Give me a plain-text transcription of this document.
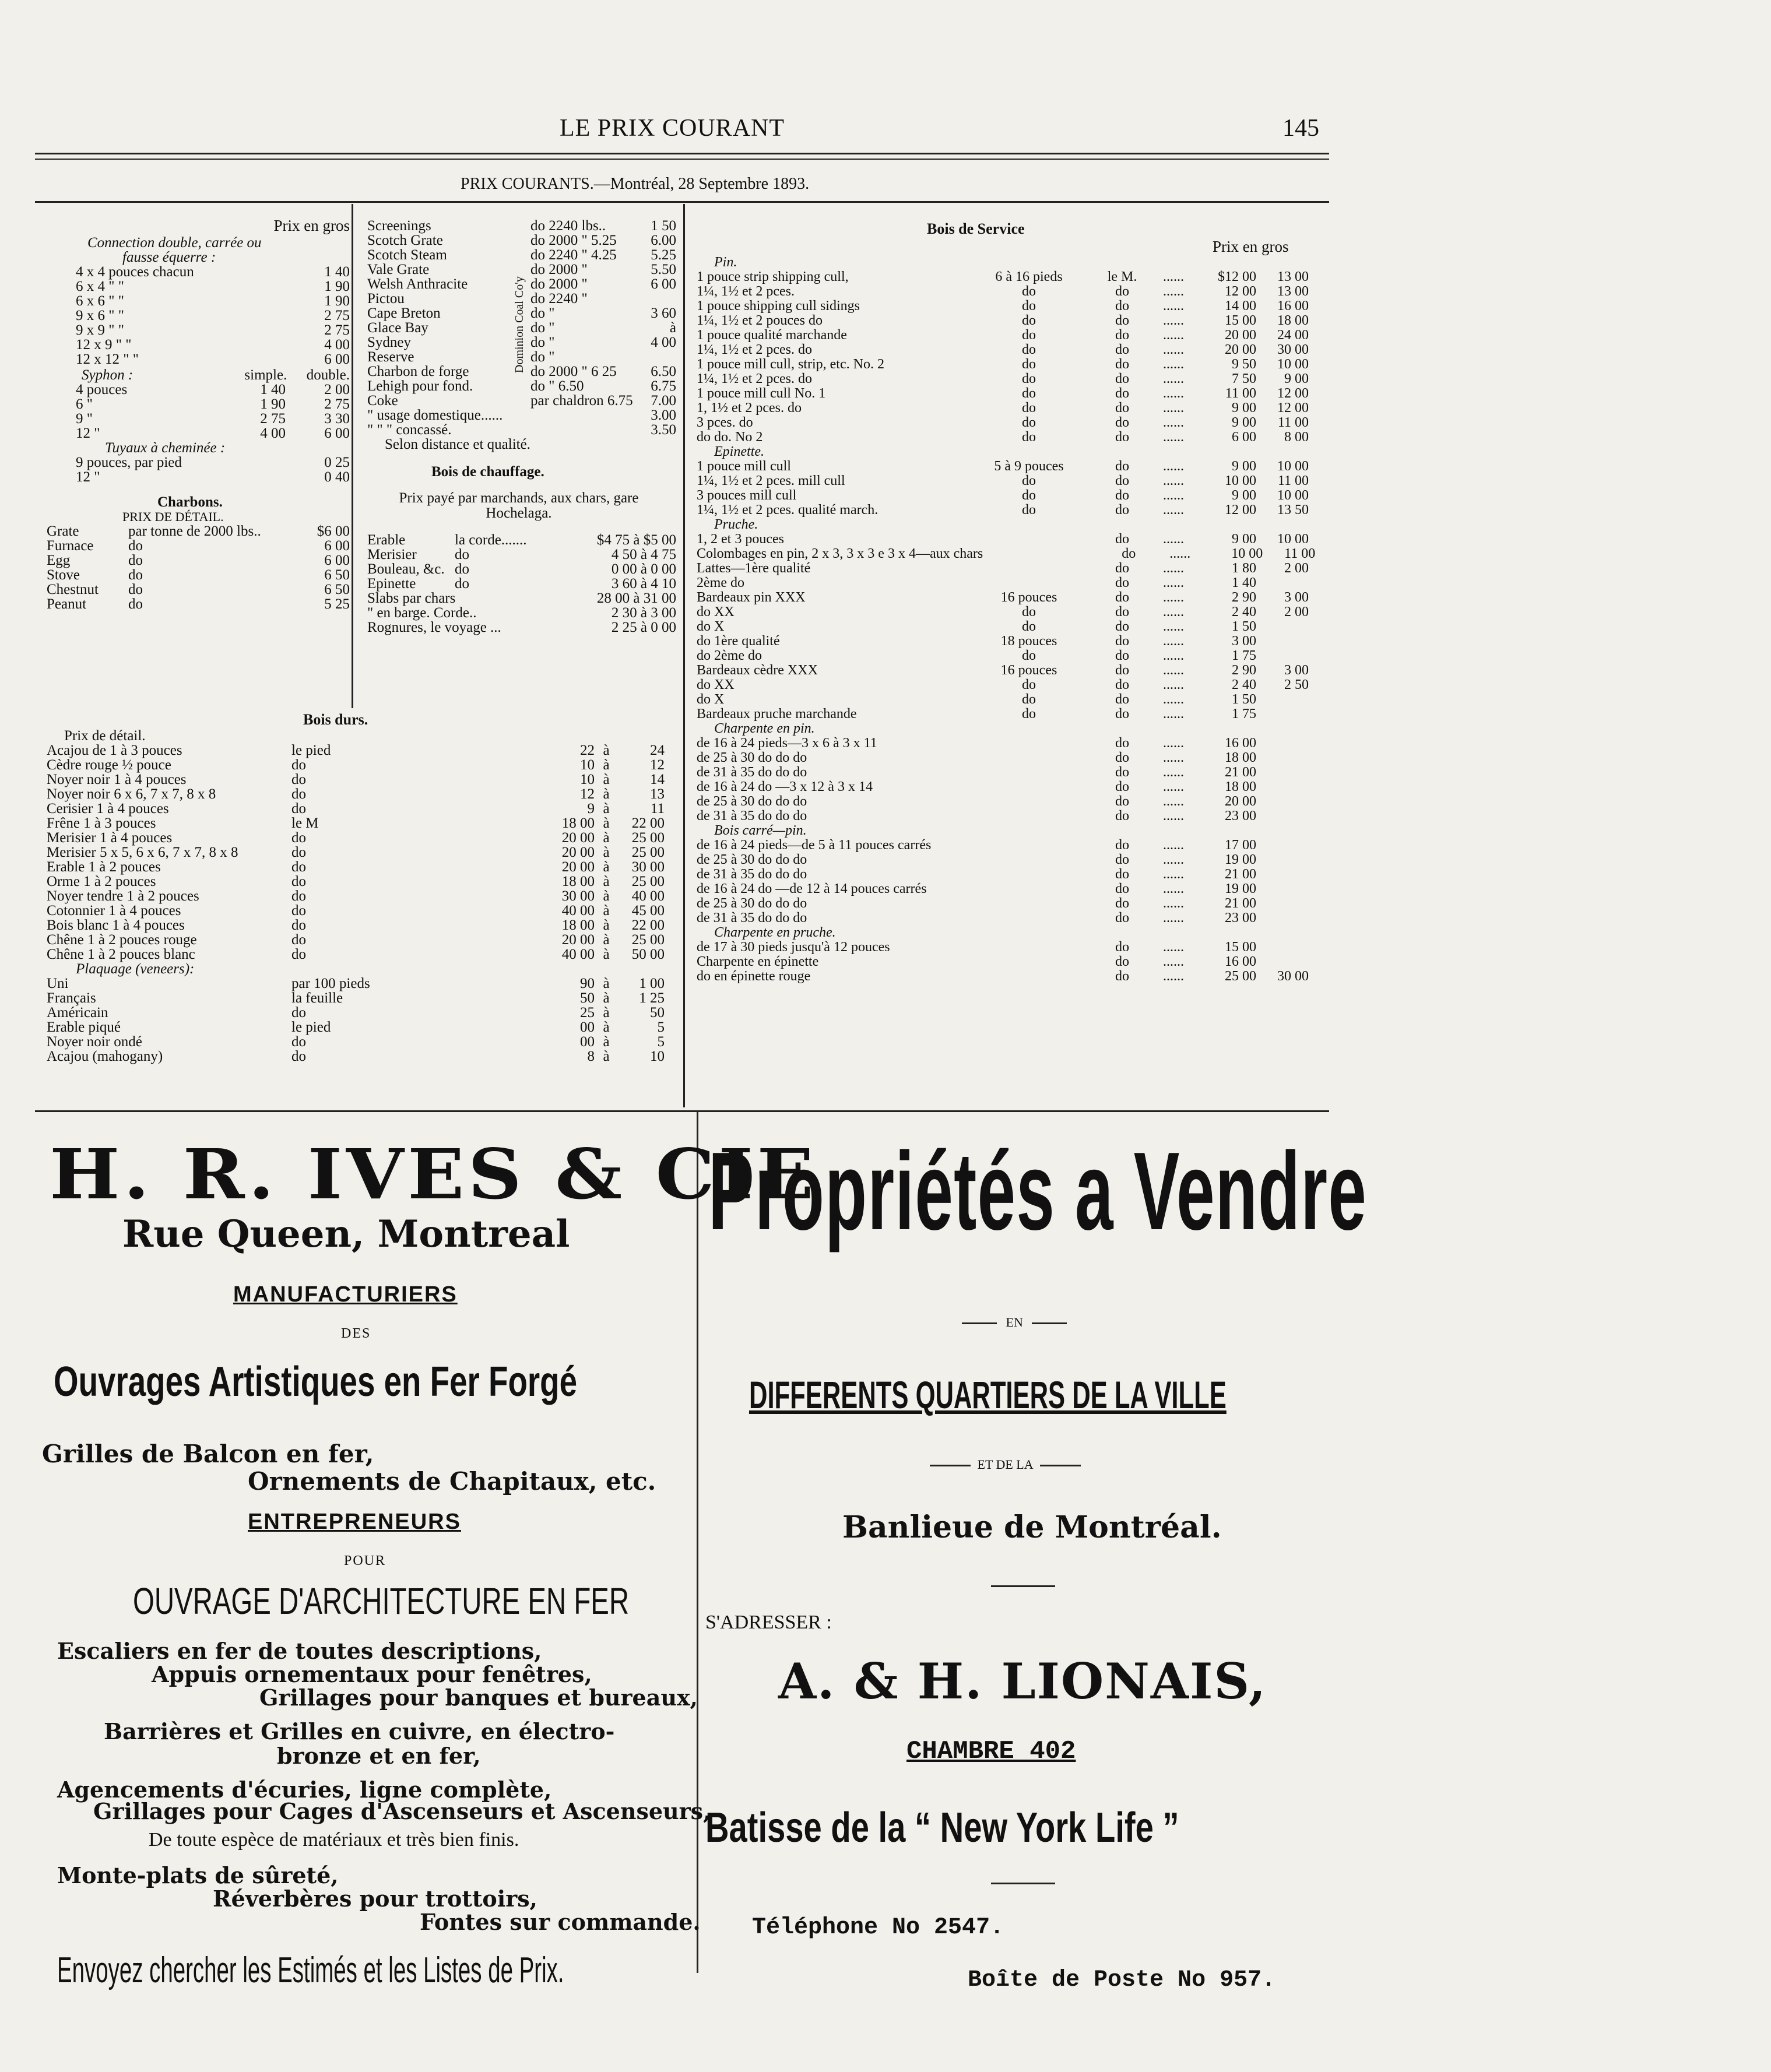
LE PRIX COURANT	145
PRIX COURANTS.—Montréal, 28 Septembre 1893.
Prix en gros
Connection double, carrée ou
fausse équerre :
4 x 4 pouces chacun	1 40
6 x 4 " "	1 90
6 x 6 " "	1 90
9 x 6 " "	2 75
9 x 9 " "	2 75
12 x 9 " "	4 00
12 x 12 " "	6 00
Syphon :	simple.	double.
4 pouces	1 40	2 00
6 "	1 90	2 75
9 "	2 75	3 30
12 "	4 00	6 00
Tuyaux à cheminée :
9 pouces, par pied	0 25
12 "	0 40
Charbons.
PRIX DE DÉTAIL.
Grate	par tonne de 2000 lbs..	$6 00
Furnace	do	6 00
Egg	do	6 00
Stove	do	6 50
Chestnut	do	6 50
Peanut	do	5 25
Screenings	do 2240 lbs..	1 50
Scotch Grate	do 2000 " 5.25	6.00
Scotch Steam	do 2240 " 4.25	5.25
Vale Grate	do 2000 "	5.50
Welsh Anthracite	do 2000 "	6 00
Pictou	do 2240 "
Cape Breton	do "	3 60
Glace Bay	do "	à
Sydney	do "	4 00
Reserve	do "
Charbon de forge	do 2000 " 6 25	6.50
Lehigh pour fond.	do " 6.50	6.75
Coke	par chaldron 6.75	7.00
" usage domestique......	3.00
" " " concassé.	3.50
Selon distance et qualité.
Bois de chauffage.
Prix payé par marchands, aux chars, gare Hochelaga.
Erable	la corde.......	$4 75 à $5 00
Merisier	do	4 50 à 4 75
Bouleau, &c. do	0 00 à 0 00
Epinette	do	3 60 à 4 10
Slabs par chars	28 00 à 31 00
" en barge. Corde..	2 30 à 3 00
Rognures, le voyage ...	2 25 à 0 00
Dominion Coal Co'y
Bois durs.
Prix de détail.
Acajou de 1 à 3 pouces	le pied	22 à	24
Cèdre rouge ½ pouce	do	10 à	12
Noyer noir 1 à 4 pouces	do	10 à	14
Noyer noir 6 x 6, 7 x 7, 8 x 8	do	12 à	13
Cerisier 1 à 4 pouces	do	9 à	11
Frêne 1 à 3 pouces	le M	18 00 à	22 00
Merisier 1 à 4 pouces	do	20 00 à	25 00
Merisier 5 x 5, 6 x 6, 7 x 7, 8 x 8	do	20 00 à	25 00
Erable 1 à 2 pouces	do	20 00 à	30 00
Orme 1 à 2 pouces	do	18 00 à	25 00
Noyer tendre 1 à 2 pouces	do	30 00 à	40 00
Cotonnier 1 à 4 pouces	do	40 00 à	45 00
Bois blanc 1 à 4 pouces	do	18 00 à	22 00
Chêne 1 à 2 pouces rouge	do	20 00 à	25 00
Chêne 1 à 2 pouces blanc	do	40 00 à	50 00
Plaquage (veneers):
Uni	par 100 pieds	90 à	1 00
Français	la feuille	50 à	1 25
Américain	do	25 à	50
Erable piqué	le pied	00 à	5
Noyer noir ondé	do	00 à	5
Acajou (mahogany)	do	8 à	10
Bois de Service
Prix en gros
Pin.
1 pouce strip shipping cull,	6 à 16 pieds	le M.	......	$12 00	13 00
1¼, 1½ et 2 pces.	do	do	......	12 00	13 00
1 pouce shipping cull sidings	do	do	......	14 00	16 00
1¼, 1½ et 2 pouces do	do	do	......	15 00	18 00
1 pouce qualité marchande	do	do	......	20 00	24 00
1¼, 1½ et 2 pces. do	do	do	......	20 00	30 00
1 pouce mill cull, strip, etc. No. 2	do	do	......	9 50	10 00
1¼, 1½ et 2 pces. do	do	do	......	7 50	9 00
1 pouce mill cull No. 1	do	do	......	11 00	12 00
1, 1½ et 2 pces. do	do	do	......	9 00	12 00
3 pces. do	do	do	......	9 00	11 00
do do. No 2	do	do	......	6 00	8 00
Epinette.
1 pouce mill cull	5 à 9 pouces	do	......	9 00	10 00
1¼, 1½ et 2 pces. mill cull	do	do	......	10 00	11 00
3 pouces mill cull	do	do	......	9 00	10 00
1¼, 1½ et 2 pces. qualité march.	do	do	......	12 00	13 50
Pruche.
1, 2 et 3 pouces	do	......	9 00	10 00
Colombages en pin, 2 x 3, 3 x 3 e 3 x 4—aux chars	do	......	10 00	11 00
Lattes—1ère qualité	do	......	1 80	2 00
2ème do	do	......	1 40
Bardeaux pin XXX	16 pouces	do	......	2 90	3 00
do XX	do	do	......	2 40	2 00
do X	do	do	......	1 50
do 1ère qualité	18 pouces	do	......	3 00
do 2ème do	do	do	......	1 75
Bardeaux cèdre XXX	16 pouces	do	......	2 90	3 00
do XX	do	do	......	2 40	2 50
do X	do	do	......	1 50
Bardeaux pruche marchande	do	do	......	1 75
Charpente en pin.
de 16 à 24 pieds—3 x 6 à 3 x 11	do	......	16 00
de 25 à 30 do do do	do	......	18 00
de 31 à 35 do do do	do	......	21 00
de 16 à 24 do —3 x 12 à 3 x 14	do	......	18 00
de 25 à 30 do do do	do	......	20 00
de 31 à 35 do do do	do	......	23 00
Bois carré—pin.
de 16 à 24 pieds—de 5 à 11 pouces carrés	do	......	17 00
de 25 à 30 do do do	do	......	19 00
de 31 à 35 do do do	do	......	21 00
de 16 à 24 do —de 12 à 14 pouces carrés	do	......	19 00
de 25 à 30 do do do	do	......	21 00
de 31 à 35 do do do	do	......	23 00
Charpente en pruche.
de 17 à 30 pieds jusqu'à 12 pouces	do	......	15 00
Charpente en épinette	do	......	16 00
do en épinette rouge	do	......	25 00	30 00
H. R. IVES & CIE
Rue Queen, Montreal
MANUFACTURIERS
DES
Ouvrages Artistiques en Fer Forgé
Grilles de Balcon en fer,
Ornements de Chapitaux, etc.
ENTREPRENEURS
POUR
OUVRAGE D'ARCHITECTURE EN FER
Escaliers en fer de toutes descriptions,
Appuis ornementaux pour fenêtres,
Grillages pour banques et bureaux,
Barrières et Grilles en cuivre, en électro-
bronze et en fer,
Agencements d'écuries, ligne complète,
Grillages pour Cages d'Ascenseurs et Ascenseurs,
De toute espèce de matériaux et très bien finis.
Monte-plats de sûreté,
Réverbères pour trottoirs,
Fontes sur commande.
Envoyez chercher les Estimés et les Listes de Prix.
Propriétés a Vendre
EN
DIFFERENTS QUARTIERS DE LA VILLE
ET DE LA
Banlieue de Montréal.
S'ADRESSER :
A. & H. LIONAIS,
CHAMBRE 402
Batisse de la “ New York Life ”
Téléphone No 2547.
Boîte de Poste No 957.
